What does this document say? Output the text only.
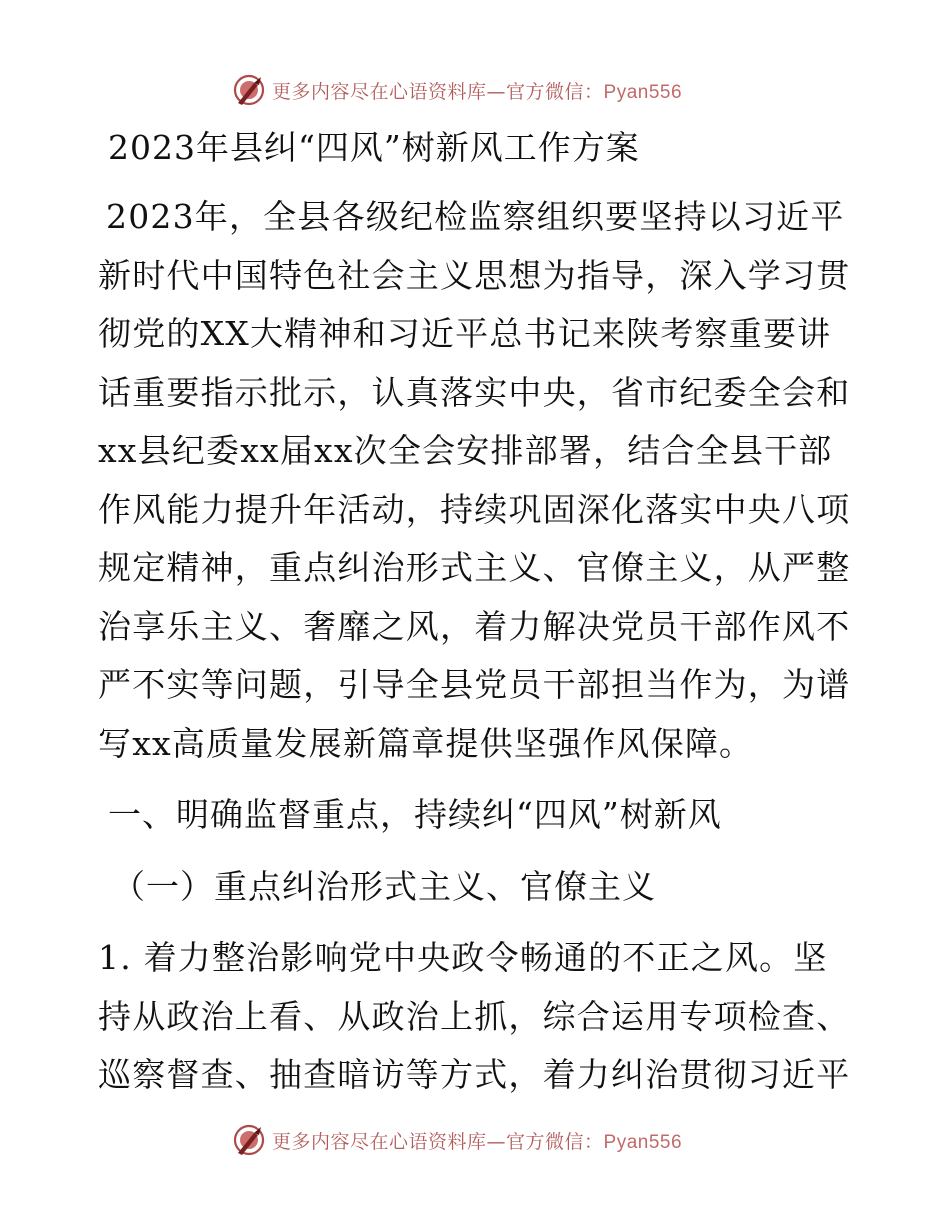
更多内容尽在心语资料库—官方微信：Pyan556
2023年县纠“四风”树新风工作方案
2023年，全县各级纪检监察组织要坚持以习近平
新时代中国特色社会主义思想为指导，深入学习贯
彻党的XX大精神和习近平总书记来陕考察重要讲
话重要指示批示，认真落实中央，省市纪委全会和
xx县纪委xx届xx次全会安排部署，结合全县干部
作风能力提升年活动，持续巩固深化落实中央八项
规定精神，重点纠治形式主义、官僚主义，从严整
治享乐主义、奢靡之风，着力解决党员干部作风不
严不实等问题，引导全县党员干部担当作为，为谱
写xx高质量发展新篇章提供坚强作风保障。
一、明确监督重点，持续纠“四风”树新风
（一）重点纠治形式主义、官僚主义
1. 着力整治影响党中央政令畅通的不正之风。坚
持从政治上看、从政治上抓，综合运用专项检查、
巡察督查、抽查暗访等方式，着力纠治贯彻习近平
更多内容尽在心语资料库—官方微信：Pyan556
